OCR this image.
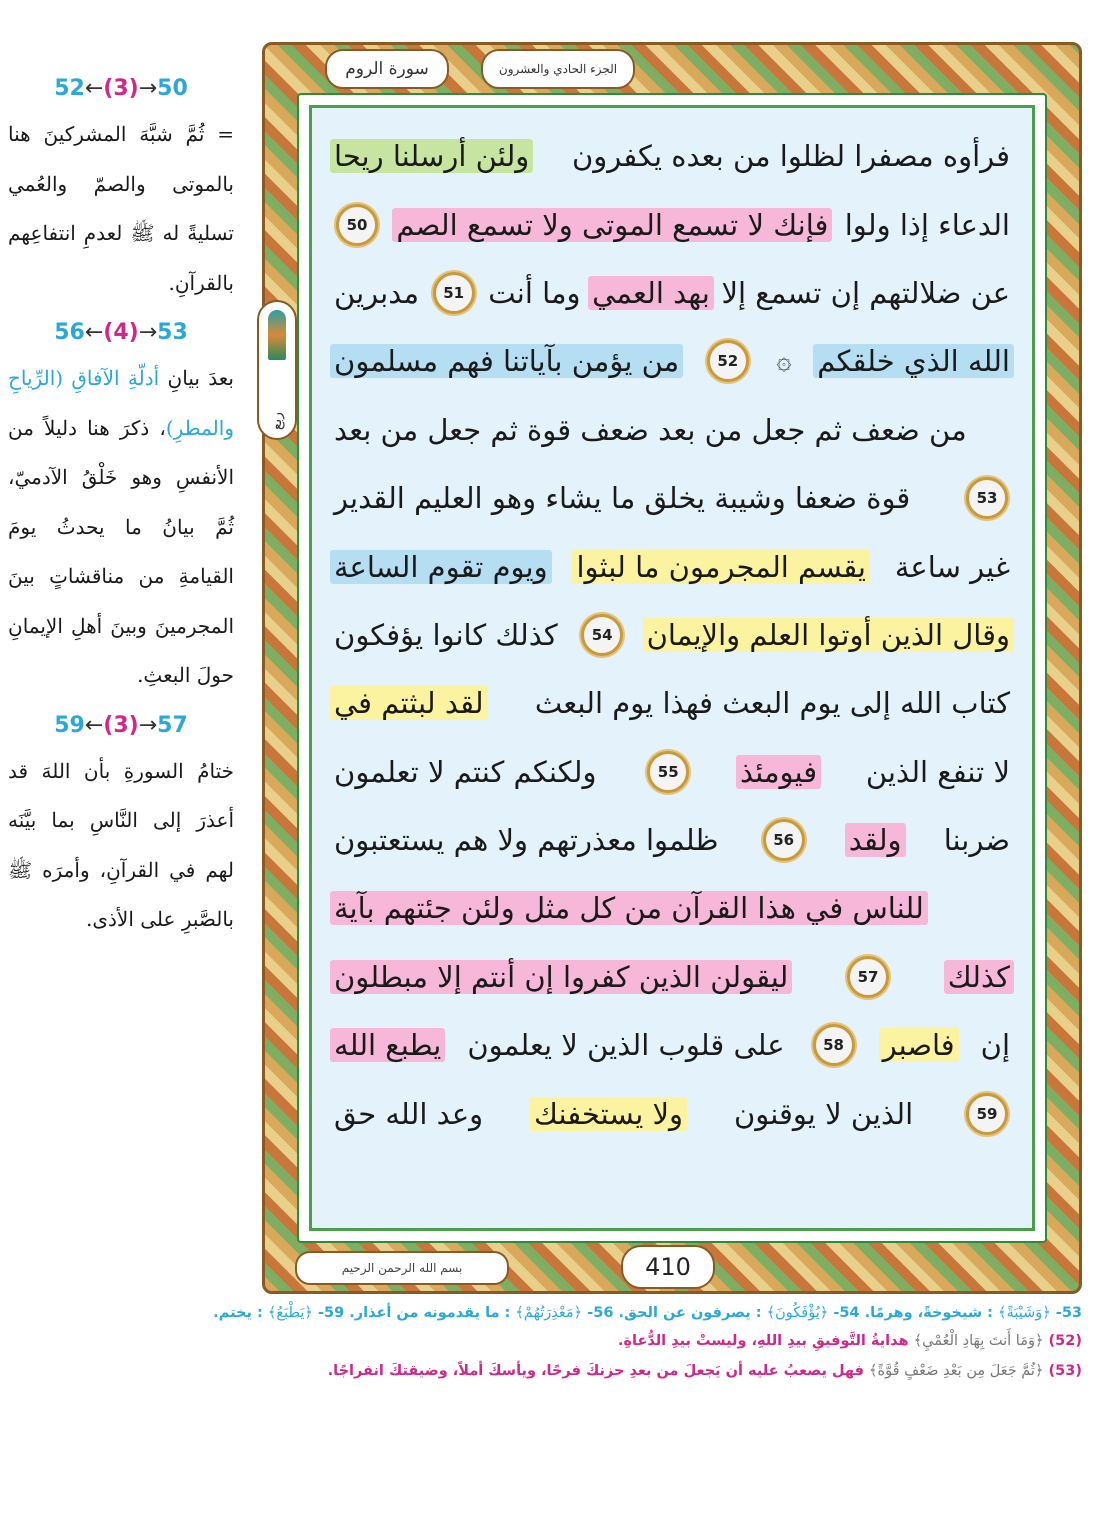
سورة الروم	الجزء الحادي والعشرون
ولئن أرسلنا ريحا فرأوه مصفرا لظلوا من بعده يكفرون
50 فإنك لا تسمع الموتى ولا تسمع الصم الدعاء إذا ولوا
مدبرين	51 وما أنت بهد العمي عن ضلالتهم إن تسمع إلا
من يؤمن بآياتنا فهم مسلمون	52	۞ الله الذي خلقكم
من ضعف ثم جعل من بعد ضعف قوة ثم جعل من بعد
قوة ضعفا وشيبة يخلق ما يشاء وهو العليم القدير	53
ويوم تقوم الساعة يقسم المجرمون ما لبثوا غير ساعة
كذلك كانوا يؤفكون	54	وقال الذين أوتوا العلم والإيمان
لقد لبثتم في كتاب الله إلى يوم البعث فهذا يوم البعث
ولكنكم كنتم لا تعلمون	55	فيومئذ لا تنفع الذين
ظلموا معذرتهم ولا هم يستعتبون	56	ولقد ضربنا
للناس في هذا القرآن من كل مثل ولئن جئتهم بآية
ليقولن الذين كفروا إن أنتم إلا مبطلون	57	كذلك
يطبع الله على قلوب الذين لا يعلمون	58	فاصبر إن
وعد الله حق ولا يستخفنك الذين لا يوقنون	59
ربع
410
بسم الله الرحمن الرحيم
52←(3)→50

= ثُمَّ شبَّهَ المشركينَ هنا بالموتى والصمّ والعُمي تسليةً له ﷺ لعدمِ انتفاعِهم بالقرآنِ.

56←(4)→53

بعدَ بيانِ أدلّةِ الآفاقِ (الرِّياحِ والمطرِ)، ذكرَ هنا دليلاً من الأنفسِ وهو خَلْقُ الآدميّ، ثُمَّ بيانُ ما يحدثُ يومَ القيامةِ من مناقشاتٍ بينَ المجرمينَ وبينَ أهلِ الإيمانِ حولَ البعثِ.

59←(3)→57

ختامُ السورةِ بأن اللهَ قد أعذرَ إلى النَّاسِ بما بيَّنَه لهم في القرآنِ، وأمرَه ﷺ بالصَّبرِ على الأذى.

53- ﴿وَشَيْبَةً﴾ : شيخوخةً، وهرمًا. 54- ﴿يُؤْفَكُونَ﴾ : يصرفون عن الحق. 56- ﴿مَعْذِرَتُهُمْ﴾ : ما يقدمونه من أعذار. 59- ﴿يَطْبَعُ﴾ : يختم.
(52) ﴿وَمَا أَنتَ بِهَادِ الْعُمْيِ﴾ هدايةُ التَّوفيقِ بيدِ اللهِ، وليستْ بيدِ الدُّعاةِ.
(53) ﴿ثُمَّ جَعَلَ مِن بَعْدِ ضَعْفٍ قُوَّةً﴾ فهل يصعبُ عليه أن يَجعلَ من بعدِ حزنكَ فرحًا، ويأسكَ أملاً، وضيقتكَ انفراجًا.
